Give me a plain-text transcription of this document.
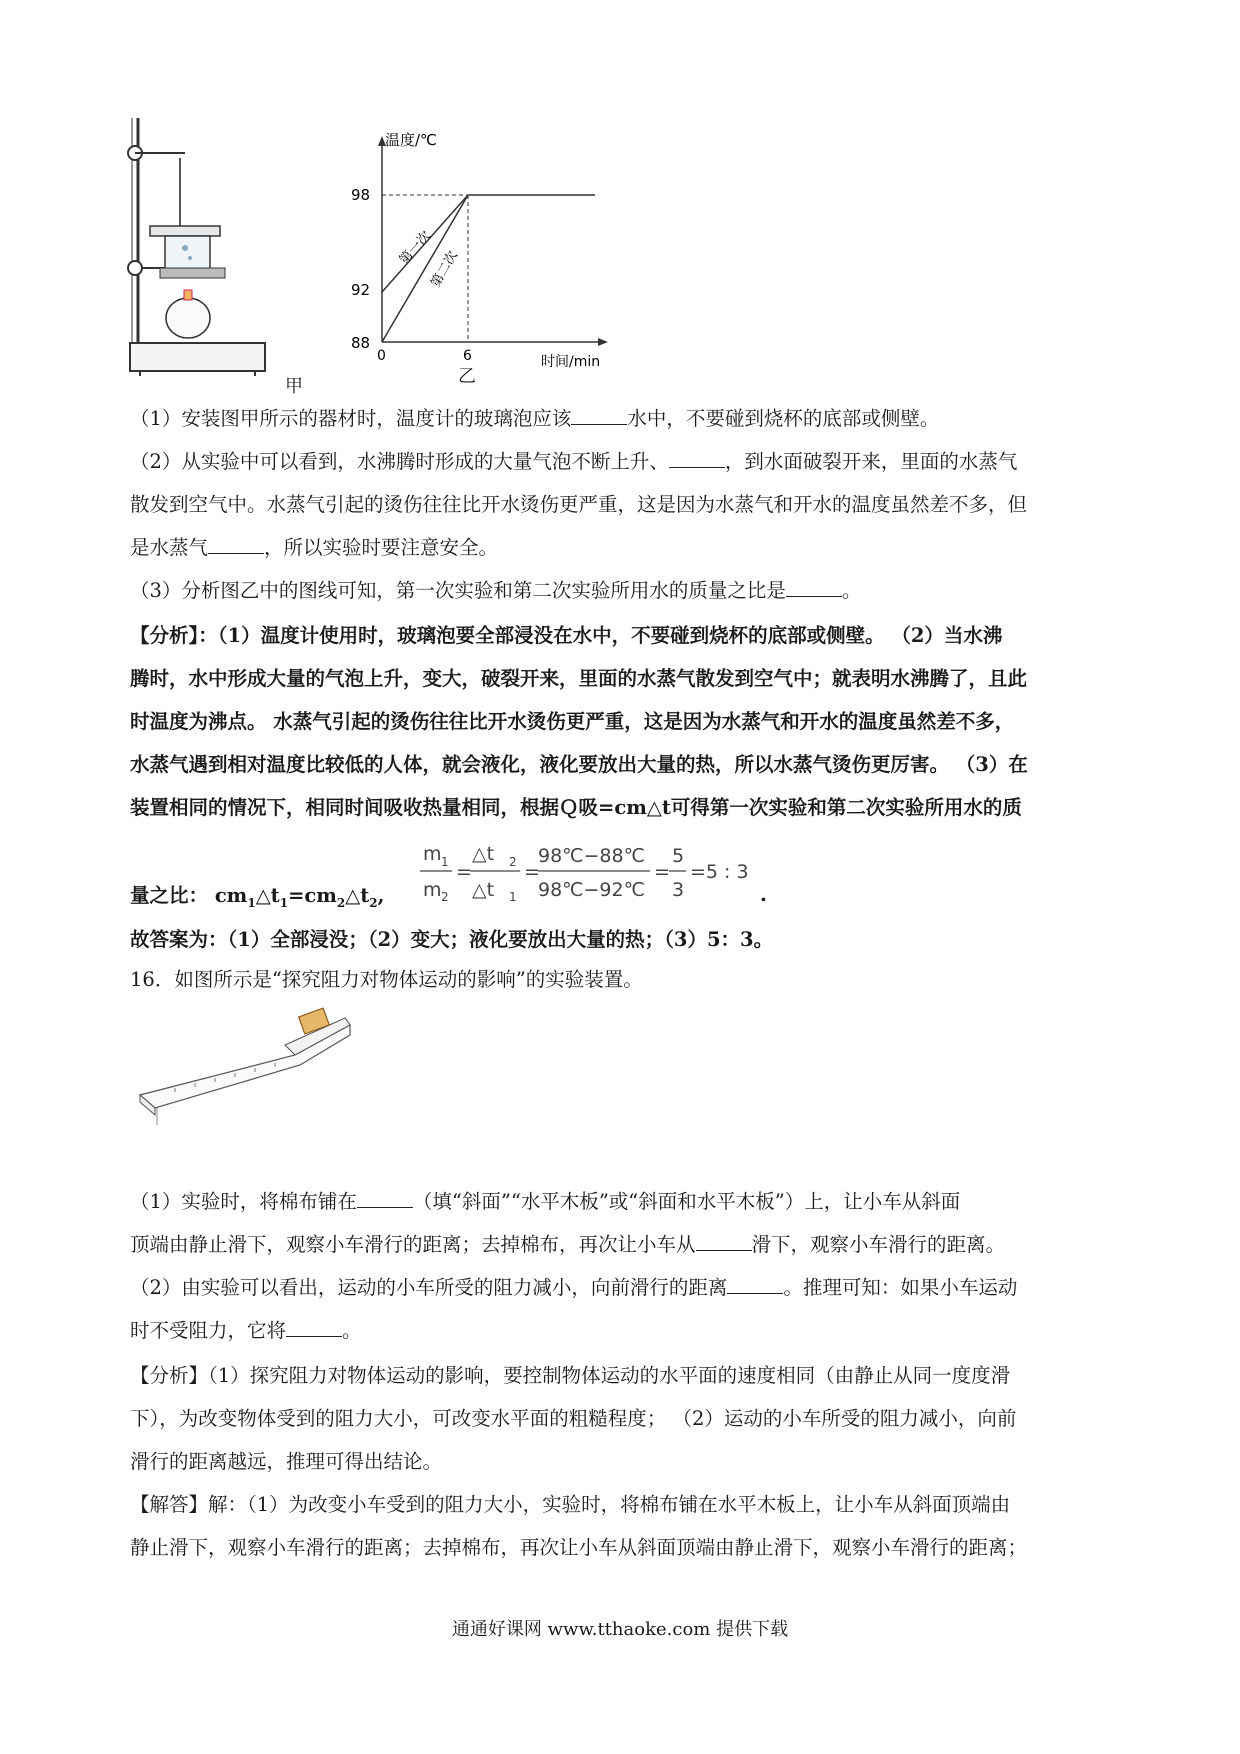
甲
温度/℃
时间/min
98
92
88
0	6
第一次
第二次
乙
（1）安装图甲所示的器材时，温度计的玻璃泡应该	水中，不要碰到烧杯的底部或侧壁。
（2）从实验中可以看到，水沸腾时形成的大量气泡不断上升、	，到水面破裂开来，里面的水蒸气
散发到空气中。水蒸气引起的烫伤往往比开水烫伤更严重，这是因为水蒸气和开水的温度虽然差不多，但
是水蒸气	，所以实验时要注意安全。
（3）分析图乙中的图线可知，第一次实验和第二次实验所用水的质量之比是	。
【分析】：（1）温度计使用时，玻璃泡要全部浸没在水中，不要碰到烧杯的底部或侧壁。 （2）当水沸
腾时，水中形成大量的气泡上升，变大，破裂开来，里面的水蒸气散发到空气中；就表明水沸腾了，且此
时温度为沸点。 水蒸气引起的烫伤往往比开水烫伤更严重，这是因为水蒸气和开水的温度虽然差不多，
水蒸气遇到相对温度比较低的人体，就会液化，液化要放出大量的热，所以水蒸气烫伤更厉害。 （3）在
装置相同的情况下，相同时间吸收热量相同，根据Ｑ吸=cm△t可得第一次实验和第二次实验所用水的质
量之比： $cm_1\triangle t_1=cm_2\triangle t_2$,
m 1
m 2
=
△t 2
△t 1
=
98℃−88℃
98℃−92℃
=
5
3
=5 : 3
.
故答案为：（1）全部浸没；（2）变大；液化要放出大量的热；（3）5：3。
16．如图所示是“探究阻力对物体运动的影响”的实验装置。
（1）实验时，将棉布铺在	（填“斜面”“水平木板”或“斜面和水平木板”）上，让小车从斜面
顶端由静止滑下，观察小车滑行的距离；去掉棉布，再次让小车从	滑下，观察小车滑行的距离。
（2）由实验可以看出，运动的小车所受的阻力减小，向前滑行的距离	。推理可知：如果小车运动
时不受阻力，它将	。
【分析】（1）探究阻力对物体运动的影响，要控制物体运动的水平面的速度相同（由静止从同一度度滑
下），为改变物体受到的阻力大小，可改变水平面的粗糙程度； （2）运动的小车所受的阻力减小，向前
滑行的距离越远，推理可得出结论。
【解答】解：（1）为改变小车受到的阻力大小，实验时，将棉布铺在水平木板上，让小车从斜面顶端由
静止滑下，观察小车滑行的距离；去掉棉布，再次让小车从斜面顶端由静止滑下，观察小车滑行的距离；
通通好课网 www.tthaoke.com 提供下载
